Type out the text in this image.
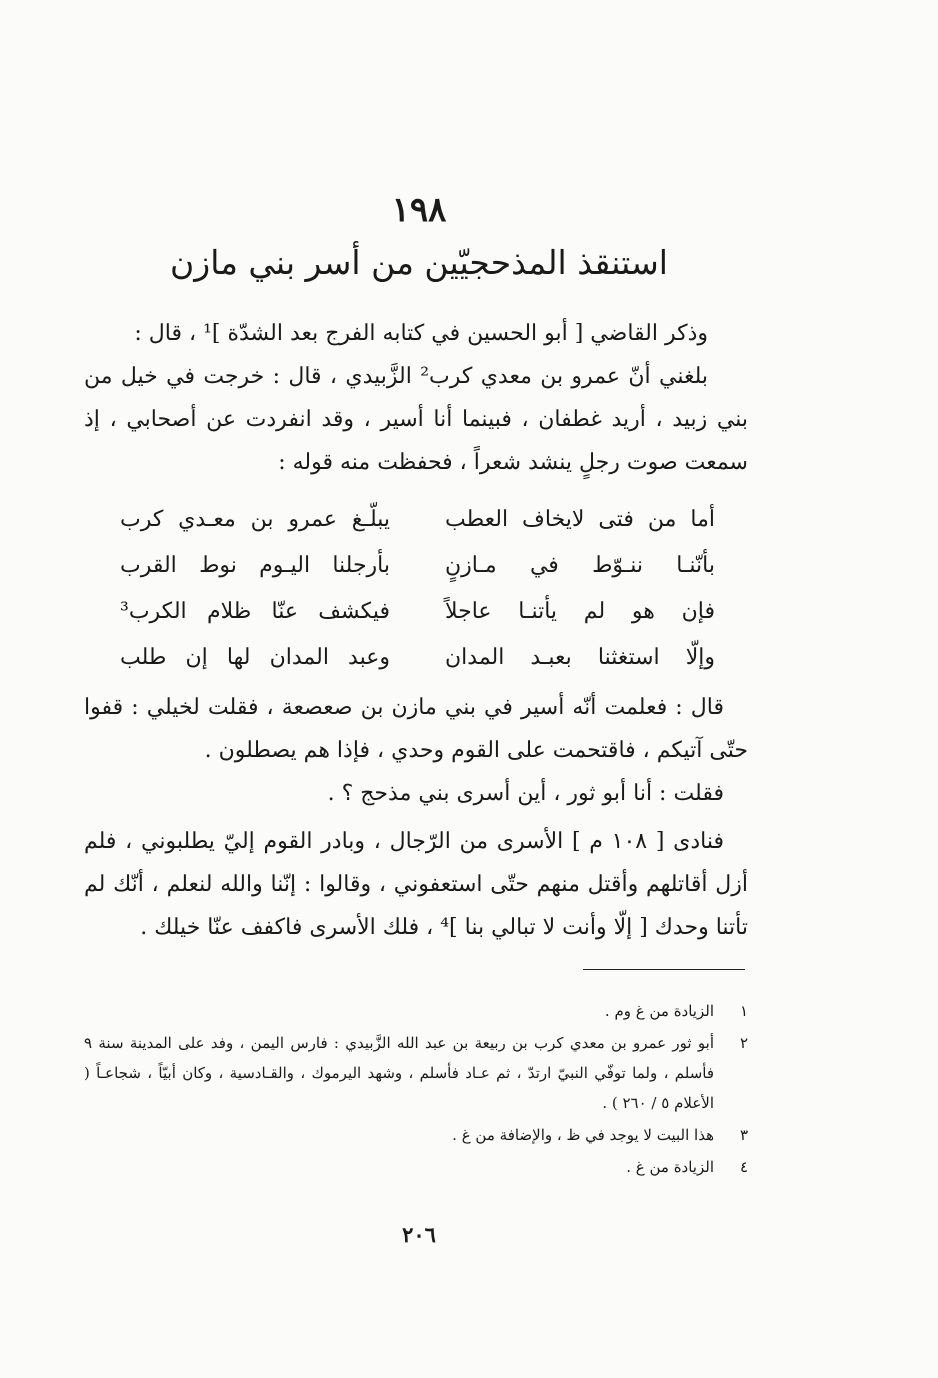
١٩٨
استنقذ المذحجيّين من أسر بني مازن

وذكر القاضي [ أبو الحسين في كتابه الفرج بعد الشدّة ]¹ ، قال :

بلغني أنّ عمرو بن معدي كرب² الزَّبيدي ، قال : خرجت في خيل من بني زبيد ، أريد غطفان ، فبينما أنا أسير ، وقد انفردت عن أصحابي ، إذ سمعت صوت رجلٍ ينشد شعراً ، فحفظت منه قوله :

أما من فتى لايخاف العطب
يبلّـغ عمرو بن معـدي كرب
بأنّنـا ننـوّط في مـازنٍ
بأرجلنا اليـوم نوط القرب
فإن هو لم يأتنـا عاجلاً
فيكشف عنّا ظلام الكرب³
وإلّا استغثنا بعبـد المدان
وعبد المدان لها إن طلب

قال : فعلمت أنّه أسير في بني مازن بن صعصعة ، فقلت لخيلي : قفوا حتّى آتيكم ، فاقتحمت على القوم وحدي ، فإذا هم يصطلون .

فقلت : أنا أبو ثور ، أين أسرى بني مذحج ؟ .

فنادى [ ١٠٨ م ] الأسرى من الرّجال ، وبادر القوم إليّ يطلبوني ، فلم أزل أقاتلهم وأقتل منهم حتّى استعفوني ، وقالوا : إنّنا والله لنعلم ، أنّك لم تأتنا وحدك [ إلّا وأنت لا تبالي بنا ]⁴ ، فلك الأسرى فاكفف عنّا خيلك .

١
الزيادة من غ وم .
٢
أبو ثور عمرو بن معدي كرب بن ربيعة بن عبد الله الزَّبيدي : فارس اليمن ، وفد على المدينة سنة ٩ فأسلم ، ولما توفّي النبيّ ارتدّ ، ثم عـاد فأسلم ، وشهد اليرموك ، والقـادسية ، وكان أبيّاً ، شجاعـاً ( الأعلام ٥ / ٢٦٠ ) .
٣
هذا البيت لا يوجد في ظ ، والإضافة من غ .
٤
الزيادة من غ .
٢٠٦
